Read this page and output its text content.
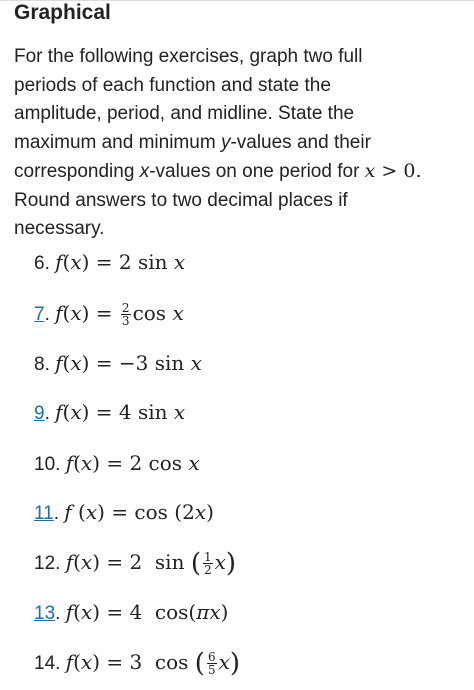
Graphical
For the following exercises, graph two full
periods of each function and state the
amplitude, period, and midline. State the
maximum and minimum y-values and their
corresponding x-values on one period for x > 0.
Round answers to two decimal places if
necessary.
6. f(x) = 2 sin x
7. $f(x) = \frac{2}{3}$ cos x
8. f(x) = −3 sin x
9. f(x) = 4 sin x
10. f(x) = 2 cos x
11. f (x) = cos (2x)
12. f(x) = 2  sin ( $\frac{1}{2} x$)
13. f(x) = 4  cos(πx)
14. f(x) = 3  cos ( $\frac{6}{5} x$)
